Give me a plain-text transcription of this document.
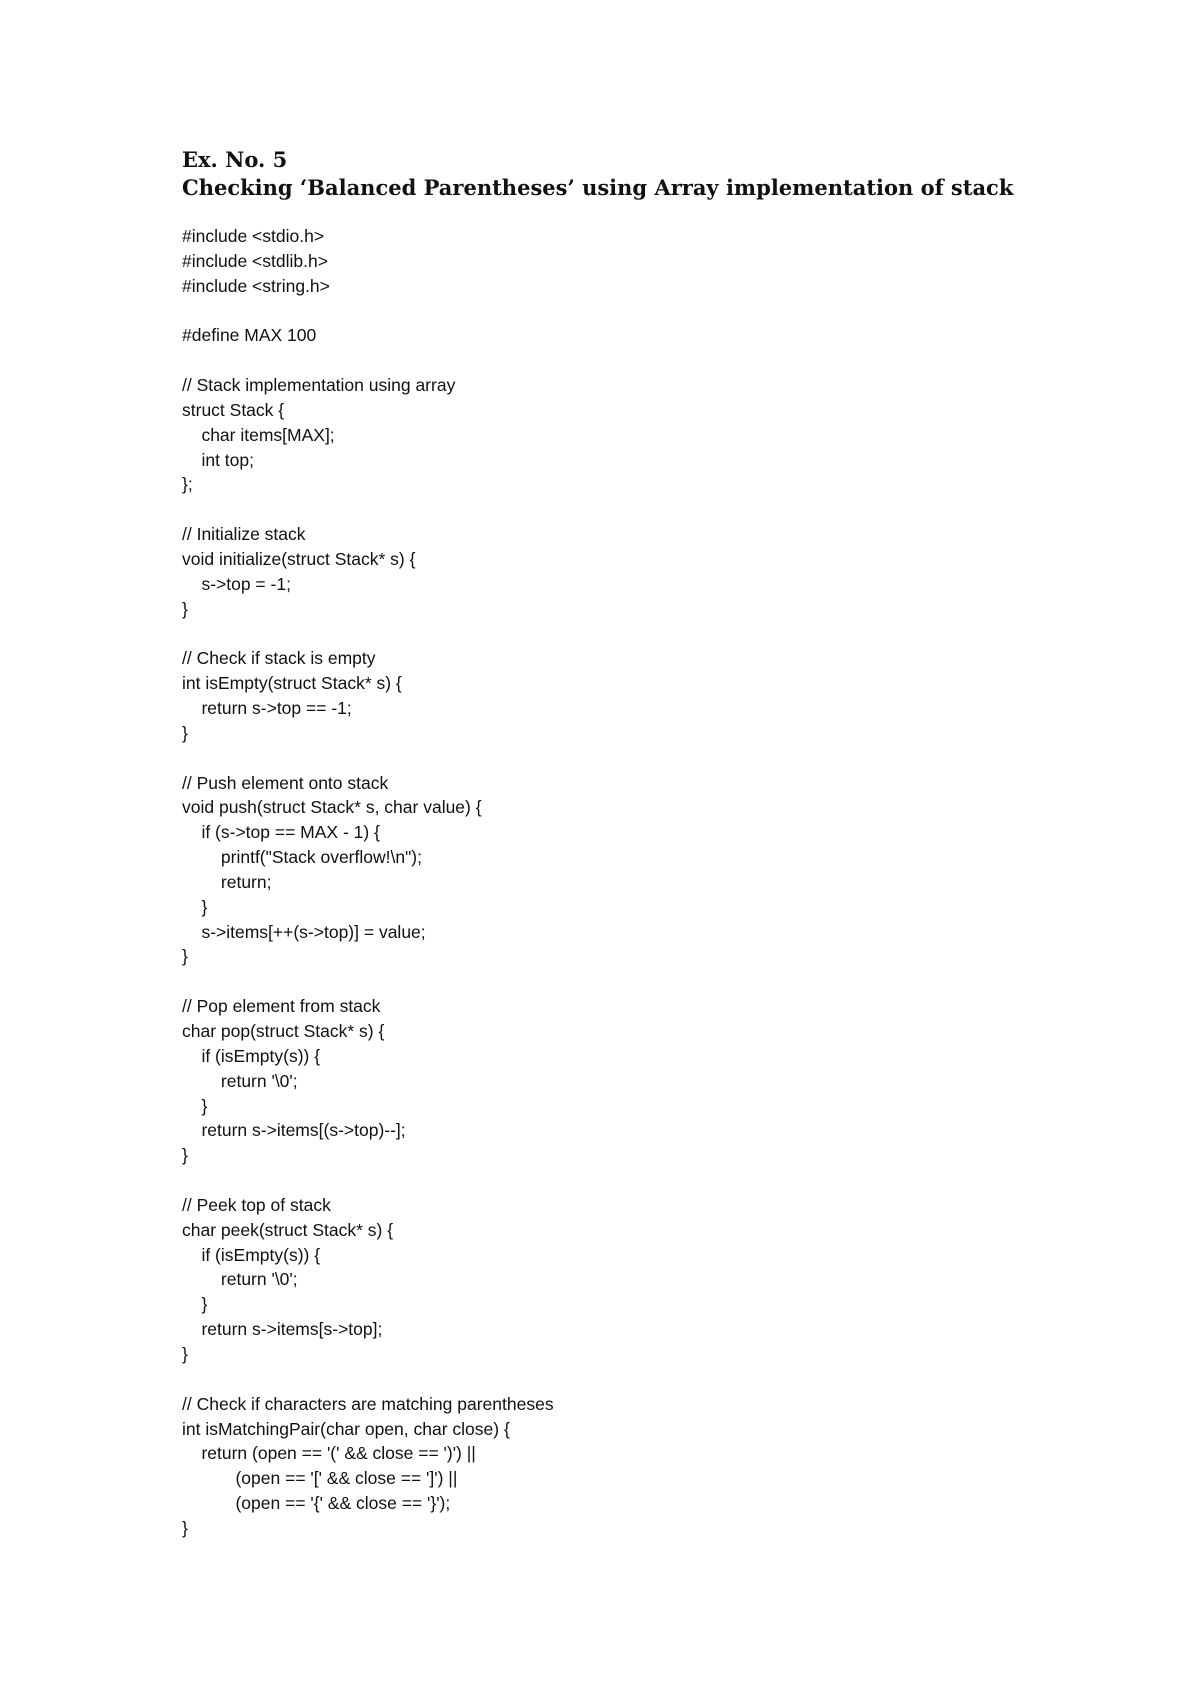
Ex. No. 5
Checking ‘Balanced Parentheses’ using Array implementation of stack
#include <stdio.h>
#include <stdlib.h>
#include <string.h>
#define MAX 100
// Stack implementation using array
struct Stack {
char items[MAX];
int top;
};
// Initialize stack
void initialize(struct Stack* s) {
s->top = -1;
}
// Check if stack is empty
int isEmpty(struct Stack* s) {
return s->top == -1;
}
// Push element onto stack
void push(struct Stack* s, char value) {
if (s->top == MAX - 1) {
printf("Stack overflow!\n");
return;
}
s->items[++(s->top)] = value;
}
// Pop element from stack
char pop(struct Stack* s) {
if (isEmpty(s)) {
return '\0';
}
return s->items[(s->top)--];
}
// Peek top of stack
char peek(struct Stack* s) {
if (isEmpty(s)) {
return '\0';
}
return s->items[s->top];
}
// Check if characters are matching parentheses
int isMatchingPair(char open, char close) {
return (open == '(' && close == ')') ||
(open == '[' && close == ']') ||
(open == '{' && close == '}');
}
